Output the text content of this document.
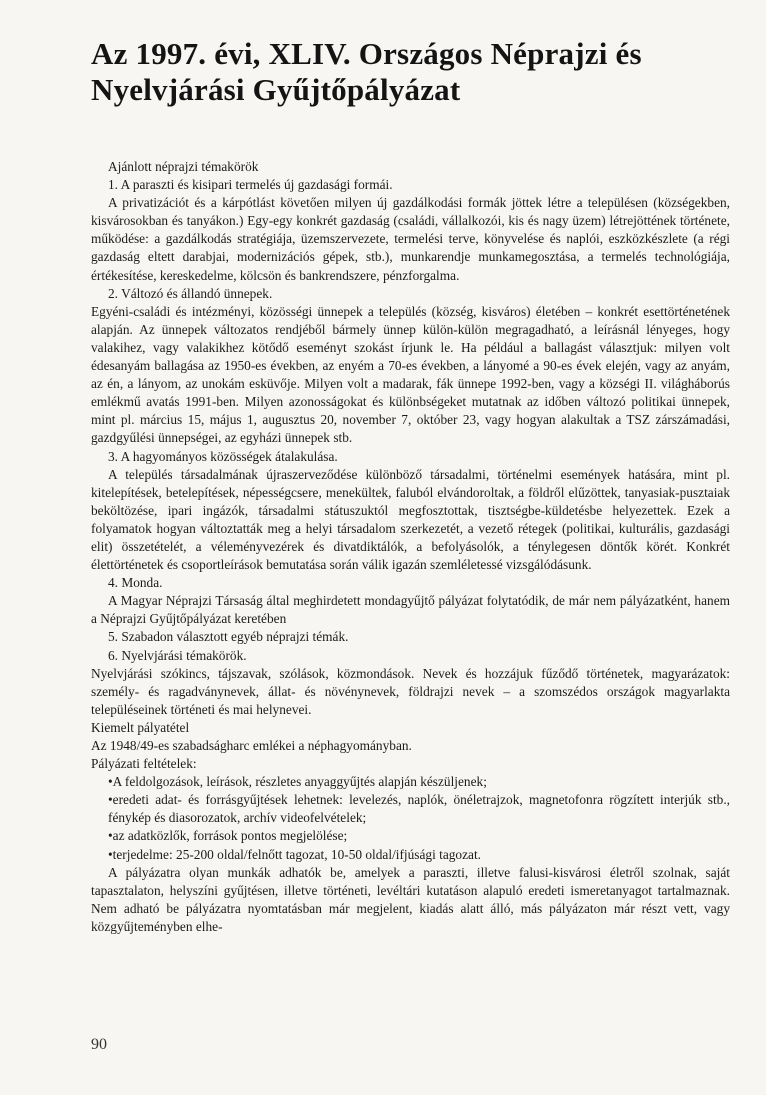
Az 1997. évi, XLIV. Országos Néprajzi és
Nyelvjárási Gyűjtőpályázat

Ajánlott néprajzi témakörök

1. A paraszti és kisipari termelés új gazdasági formái.

A privatizációt és a kárpótlást követően milyen új gazdálkodási formák jöttek létre a településen (községekben, kisvárosokban és tanyákon.) Egy-egy konkrét gazdaság (családi, vállalkozói, kis és nagy üzem) létrejöttének története, működése: a gazdálkodás stratégiája, üzemszervezete, termelési terve, könyvelése és naplói, eszközkészlete (a régi gazdaság eltett darabjai, modernizációs gépek, stb.), munkarendje munkamegosztása, a termelés technológiája, értékesítése, kereskedelme, kölcsön és bankrendszere, pénzforgalma.

2. Változó és állandó ünnepek.

Egyéni-családi és intézményi, közösségi ünnepek a település (község, kisváros) életében – konkrét esettörténetének alapján. Az ünnepek változatos rendjéből bármely ünnep külön-külön megragadható, a leírásnál lényeges, hogy valakihez, vagy valakikhez kötődő eseményt szokást írjunk le. Ha például a ballagást választjuk: milyen volt édesanyám ballagása az 1950-es években, az enyém a 70-es években, a lányomé a 90-es évek elején, vagy az anyám, az én, a lányom, az unokám esküvője. Milyen volt a madarak, fák ünnepe 1992-ben, vagy a községi II. világháborús emlékmű avatás 1991-ben. Milyen azonosságokat és különbségeket mutatnak az időben változó politikai ünnepek, mint pl. március 15, május 1, augusztus 20, november 7, október 23, vagy hogyan alakultak a TSZ zárszámadási, gazdgyűlési ünnepségei, az egyházi ünnepek stb.

3. A hagyományos közösségek átalakulása.

A település társadalmának újraszerveződése különböző társadalmi, történelmi események hatására, mint pl. kitelepítések, betelepítések, népességcsere, menekültek, faluból elvándoroltak, a földről elűzöttek, tanyasiak-pusztaiak beköltözése, ipari ingázók, társadalmi státuszuktól megfosztottak, tisztségbe-küldetésbe helyezettek. Ezek a folyamatok hogyan változtatták meg a helyi társadalom szerkezetét, a vezető rétegek (politikai, kulturális, gazdasági elit) összetételét, a véleményvezérek és divatdiktálók, a befolyásolók, a ténylegesen döntők körét. Konkrét élettörténetek és csoportleírások bemutatása során válik igazán szemléletessé vizsgálódásunk.

4. Monda.

A Magyar Néprajzi Társaság által meghirdetett mondagyűjtő pályázat folytatódik, de már nem pályázatként, hanem a Néprajzi Gyűjtőpályázat keretében

5. Szabadon választott egyéb néprajzi témák.

6. Nyelvjárási témakörök.

Nyelvjárási szókincs, tájszavak, szólások, közmondások. Nevek és hozzájuk fűződő történetek, magyarázatok: személy- és ragadványnevek, állat- és növénynevek, földrajzi nevek – a szomszédos országok magyarlakta településeinek történeti és mai helynevei.

Kiemelt pályatétel

Az 1948/49-es szabadságharc emlékei a néphagyományban.

Pályázati feltételek:

•A feldolgozások, leírások, részletes anyaggyűjtés alapján készüljenek;

•eredeti adat- és forrásgyűjtések lehetnek: levelezés, naplók, önéletrajzok, magnetofonra rögzített interjúk stb., fénykép és diasorozatok, archív videofelvételek;

•az adatközlők, források pontos megjelölése;

•terjedelme: 25-200 oldal/felnőtt tagozat, 10-50 oldal/ifjúsági tagozat.

A pályázatra olyan munkák adhatók be, amelyek a paraszti, illetve falusi-kisvárosi életről szolnak, saját tapasztalaton, helyszíni gyűjtésen, illetve történeti, levéltári kutatáson alapuló eredeti ismeretanyagot tartalmaznak. Nem adható be pályázatra nyomtatásban már megjelent, kiadás alatt álló, más pályázaton már részt vett, vagy közgyűjteményben elhe-

90
